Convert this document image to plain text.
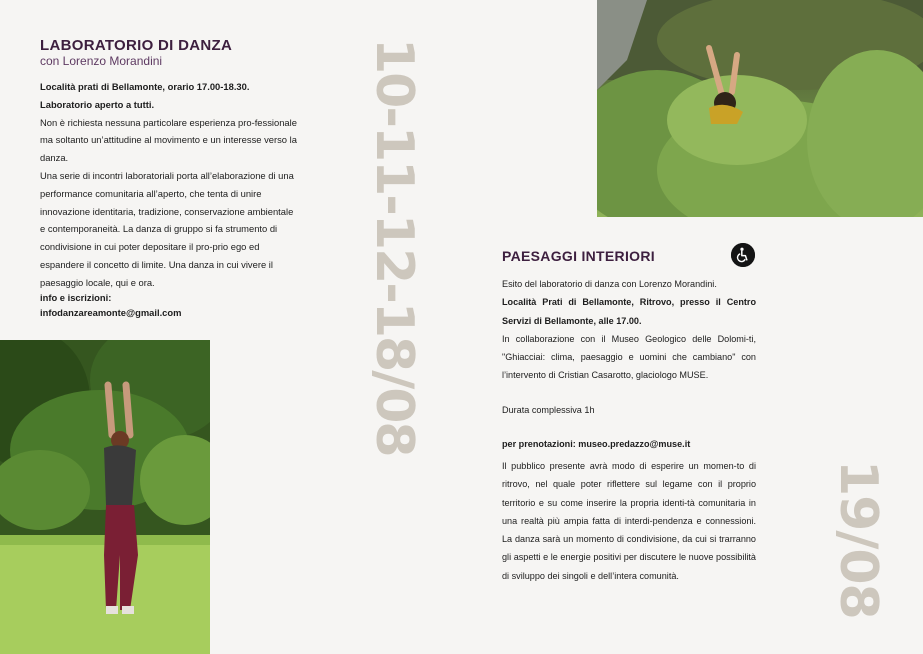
LABORATORIO DI DANZA
con Lorenzo Morandini

Località prati di Bellamonte, orario 17.00-18.30.

Laboratorio aperto a tutti.

Non è richiesta nessuna particolare esperienza pro-fessionale ma soltanto un’attitudine al movimento e un interesse verso la danza.

Una serie di incontri laboratoriali porta all’elaborazione di una performance comunitaria all’aperto, che tenta di unire innovazione identitaria, tradizione, conservazione ambientale e contemporaneità. La danza di gruppo si fa strumento di condivisione in cui poter depositare il pro-prio ego ed espandere il concetto di limite. Una danza in cui vivere il paesaggio locale, qui e ora.

info e iscrizioni:
infodanzareamonte@gmail.com	10-11-12-18/08
19/08
PAESAGGI INTERIORI

Esito del laboratorio di danza con Lorenzo Morandini.

Località Prati di Bellamonte, Ritrovo, presso il Centro Servizi di Bellamonte, alle 17.00.

In collaborazione con il Museo Geologico delle Dolomi-ti, "Ghiacciai: clima, paesaggio e uomini che cambiano" con l’intervento di Cristian Casarotto, glaciologo MUSE.

Durata complessiva 1h

per prenotazioni: museo.predazzo@muse.it

Il pubblico presente avrà modo di esperire un momen-to di ritrovo, nel quale poter riflettere sul legame con il proprio territorio e su come inserire la propria identi-tà comunitaria in una realtà più ampia fatta di interdi-pendenza e connessioni. La danza sarà un momento di condivisione, da cui si trarranno gli aspetti e le energie positivi per discutere le nuove possibilità di sviluppo dei singoli e dell’intera comunità.
